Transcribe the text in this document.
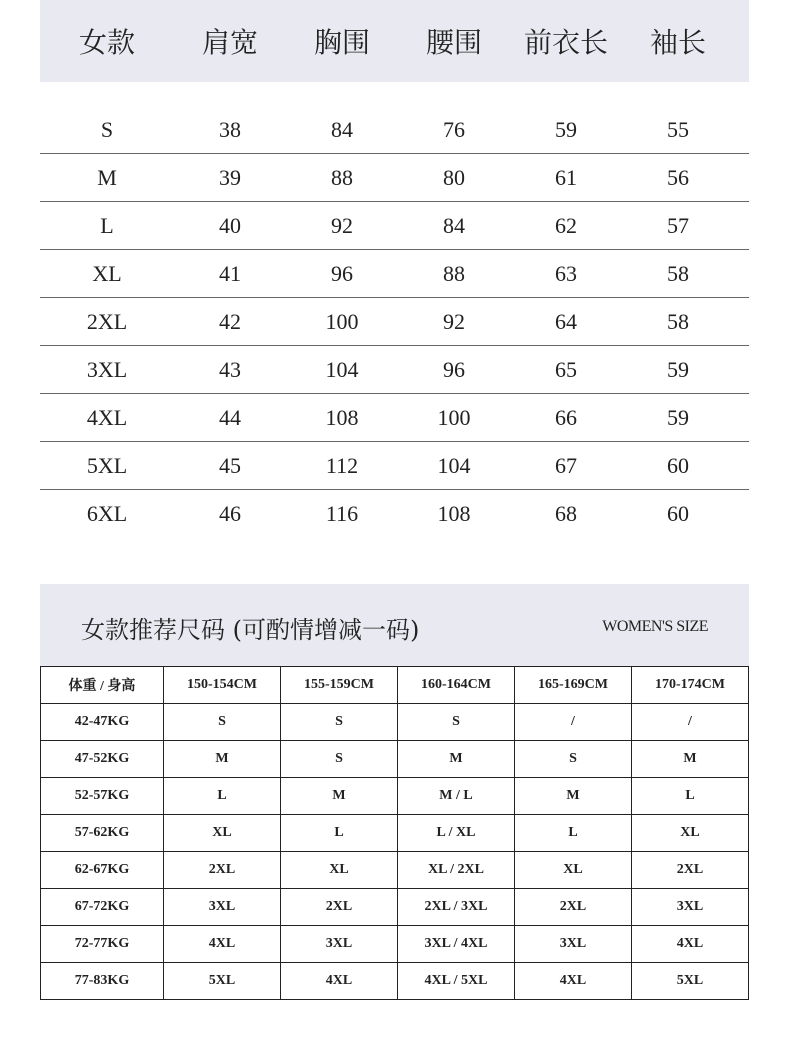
女款	肩宽	胸围	腰围	前衣长	袖长
S	38	84	76	59	55
M	39	88	80	61	56
L	40	92	84	62	57
XL	41	96	88	63	58
2XL	42	100	92	64	58
3XL	43	104	96	65	59
4XL	44	108	100	66	59
5XL	45	112	104	67	60
6XL	46	116	108	68	60
女款推荐尺码 (可酌情增减一码)	WOMEN'S SIZE
体重 / 身高	150-154CM	155-159CM	160-164CM	165-169CM	170-174CM
42-47KG	S	S	S	/	/
47-52KG	M	S	M	S	M
52-57KG	L	M	M / L	M	L
57-62KG	XL	L	L / XL	L	XL
62-67KG	2XL	XL	XL / 2XL	XL	2XL
67-72KG	3XL	2XL	2XL / 3XL	2XL	3XL
72-77KG	4XL	3XL	3XL / 4XL	3XL	4XL
77-83KG	5XL	4XL	4XL / 5XL	4XL	5XL
